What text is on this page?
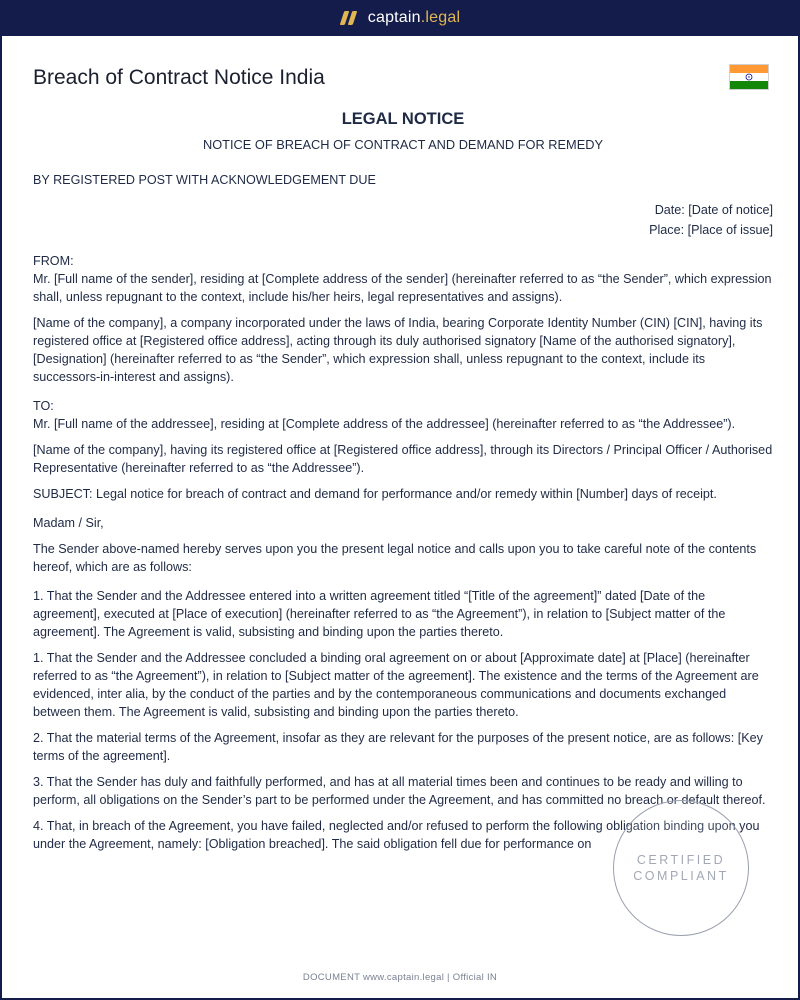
captain.legal
Breach of Contract Notice India
LEGAL NOTICE

NOTICE OF BREACH OF CONTRACT AND DEMAND FOR REMEDY

BY REGISTERED POST WITH ACKNOWLEDGEMENT DUE

Date: [Date of notice]
Place: [Place of issue]

FROM:

Mr. [Full name of the sender], residing at [Complete address of the sender] (hereinafter referred to as “the Sender”, which expression shall, unless repugnant to the context, include his/her heirs, legal representatives and assigns).

[Name of the company], a company incorporated under the laws of India, bearing Corporate Identity Number (CIN) [CIN], having its registered office at [Registered office address], acting through its duly authorised signatory [Name of the authorised signatory], [Designation] (hereinafter referred to as “the Sender”, which expression shall, unless repugnant to the context, include its successors-in-interest and assigns).

TO:

Mr. [Full name of the addressee], residing at [Complete address of the addressee] (hereinafter referred to as “the Addressee”).

[Name of the company], having its registered office at [Registered office address], through its Directors / Principal Officer / Authorised Representative (hereinafter referred to as “the Addressee”).

SUBJECT: Legal notice for breach of contract and demand for performance and/or remedy within [Number] days of receipt.

Madam / Sir,

The Sender above-named hereby serves upon you the present legal notice and calls upon you to take careful note of the contents hereof, which are as follows:

1. That the Sender and the Addressee entered into a written agreement titled “[Title of the agreement]” dated [Date of the agreement], executed at [Place of execution] (hereinafter referred to as “the Agreement”), in relation to [Subject matter of the agreement]. The Agreement is valid, subsisting and binding upon the parties thereto.

1. That the Sender and the Addressee concluded a binding oral agreement on or about [Approximate date] at [Place] (hereinafter referred to as “the Agreement”), in relation to [Subject matter of the agreement]. The existence and the terms of the Agreement are evidenced, inter alia, by the conduct of the parties and by the contemporaneous communications and documents exchanged between them. The Agreement is valid, subsisting and binding upon the parties thereto.

2. That the material terms of the Agreement, insofar as they are relevant for the purposes of the present notice, are as follows: [Key terms of the agreement].

3. That the Sender has duly and faithfully performed, and has at all material times been and continues to be ready and willing to perform, all obligations on the Sender’s part to be performed under the Agreement, and has committed no breach or default thereof.

4. That, in breach of the Agreement, you have failed, neglected and/or refused to perform the following obligation binding upon you under the Agreement, namely: [Obligation breached]. The said obligation fell due for performance on

CERTIFIED
COMPLIANT
DOCUMENT www.captain.legal | Official IN
